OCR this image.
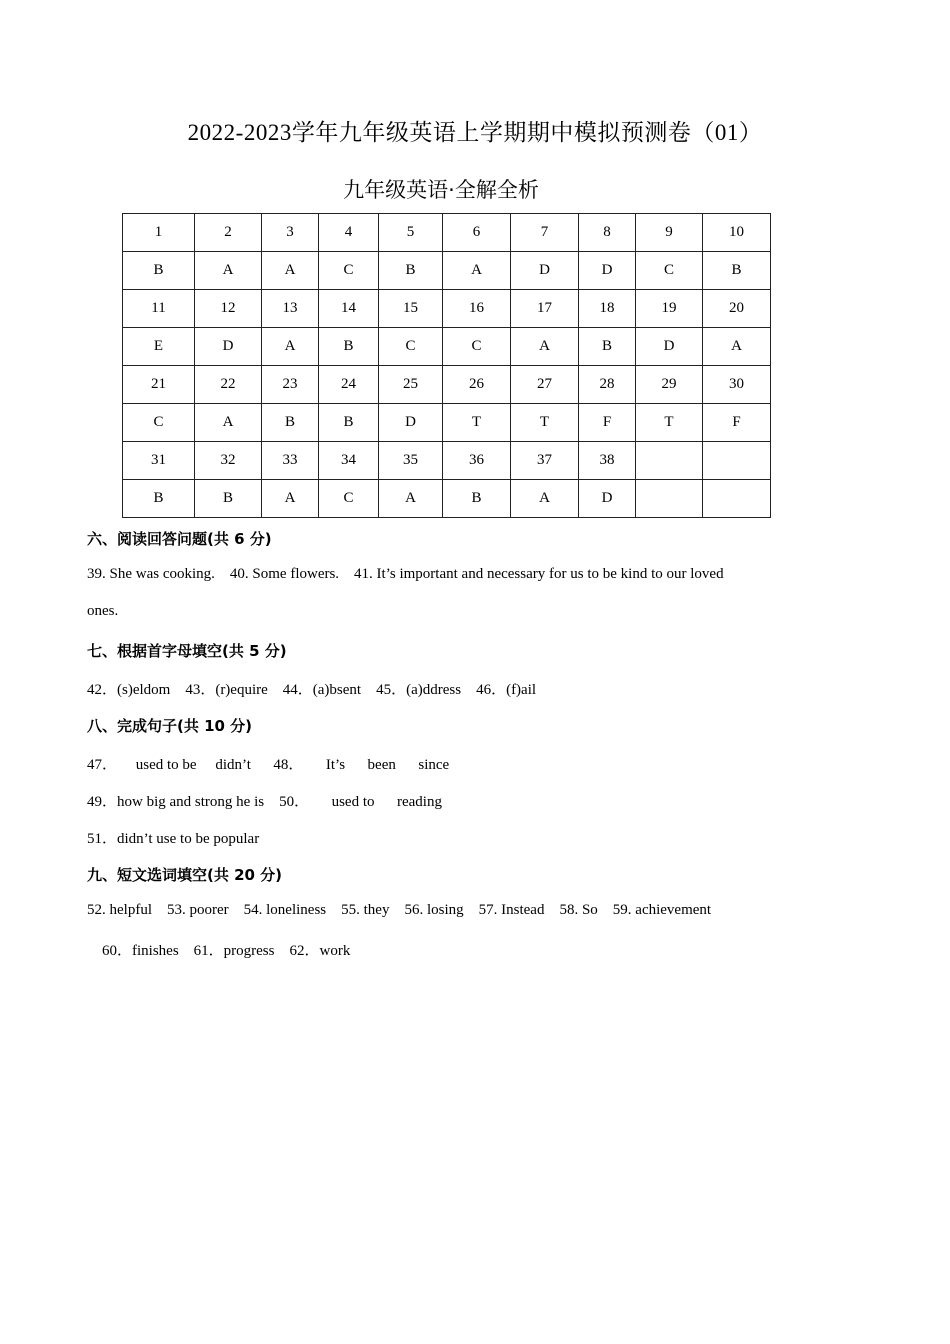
2022-2023学年九年级英语上学期期中模拟预测卷（01）
九年级英语·全解全析
1	2	3	4	5	6	7	8	9	10
B	A	A	C	B	A	D	D	C	B
11	12	13	14	15	16	17	18	19	20
E	D	A	B	C	C	A	B	D	A
21	22	23	24	25	26	27	28	29	30
C	A	B	B	D	T	T	F	T	F
31	32	33	34	35	36	37	38		
B	B	A	C	A	B	A	D		
六、阅读回答问题(共 6 分)
39. She was cooking.    40. Some flowers.    41. It’s important and necessary for us to be kind to our loved
ones.
七、根据首字母填空(共 5 分)
42．(s)eldom    43．(r)equire    44．(a)bsent    45．(a)ddress    46．(f)ail
八、完成句子(共 10 分)
47．     used to be     didn’t      48．      It’s      been      since
49．how big and strong he is    50．      used to      reading
51．didn’t use to be popular
九、短文选词填空(共 20 分)
52. helpful    53. poorer    54. loneliness    55. they    56. losing    57. Instead    58. So    59. achievement
60．finishes    61．progress    62．work
